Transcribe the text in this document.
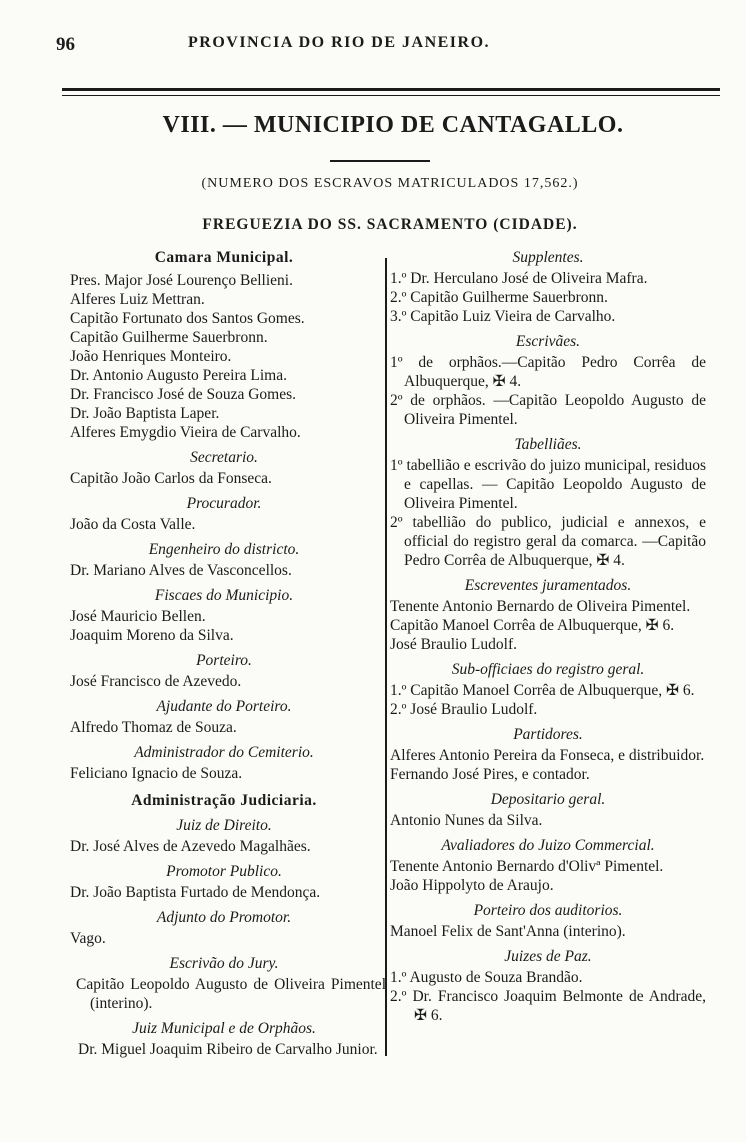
96	PROVINCIA DO RIO DE JANEIRO.
VIII. — MUNICIPIO DE CANTAGALLO.
(NUMERO DOS ESCRAVOS MATRICULADOS 17,562.)
FREGUEZIA DO SS. SACRAMENTO (CIDADE).
Camara Municipal.
Pres. Major José Lourenço Bellieni.
Alferes Luiz Mettran.
Capitão Fortunato dos Santos Gomes.
Capitão Guilherme Sauerbronn.
João Henriques Monteiro.
Dr. Antonio Augusto Pereira Lima.
Dr. Francisco José de Souza Gomes.
Dr. João Baptista Laper.
Alferes Emygdio Vieira de Carvalho.
Secretario.
Capitão João Carlos da Fonseca.
Procurador.
João da Costa Valle.
Engenheiro do districto.
Dr. Mariano Alves de Vasconcellos.
Fiscaes do Municipio.
José Mauricio Bellen.
Joaquim Moreno da Silva.
Porteiro.
José Francisco de Azevedo.
Ajudante do Porteiro.
Alfredo Thomaz de Souza.
Administrador do Cemiterio.
Feliciano Ignacio de Souza.
Administração Judiciaria.
Juiz de Direito.
Dr. José Alves de Azevedo Magalhães.
Promotor Publico.
Dr. João Baptista Furtado de Mendonça.
Adjunto do Promotor.
Vago.
Escrivão do Jury.
Capitão Leopoldo Augusto de Oliveira Pimentel (interino).
Juiz Municipal e de Orphãos.
Dr. Miguel Joaquim Ribeiro de Carvalho Junior.
Supplentes.
1.º Dr. Herculano José de Oliveira Mafra.
2.º Capitão Guilherme Sauerbronn.
3.º Capitão Luiz Vieira de Carvalho.
Escrivães.
1º de orphãos.—Capitão Pedro Corrêa de Albuquerque, ✠ 4.
2º de orphãos. —Capitão Leopoldo Augusto de Oliveira Pimentel.
Tabelliães.
1º tabellião e escrivão do juizo municipal, residuos e capellas. — Capitão Leopoldo Augusto de Oliveira Pimentel.
2º tabellião do publico, judicial e annexos, e official do registro geral da comarca. —Capitão Pedro Corrêa de Albuquerque, ✠ 4.
Escreventes juramentados.
Tenente Antonio Bernardo de Oliveira Pimentel.
Capitão Manoel Corrêa de Albuquerque, ✠ 6.
José Braulio Ludolf.
Sub-officiaes do registro geral.
1.º Capitão Manoel Corrêa de Albuquerque, ✠ 6.
2.º José Braulio Ludolf.
Partidores.
Alferes Antonio Pereira da Fonseca, e distribuidor.
Fernando José Pires, e contador.
Depositario geral.
Antonio Nunes da Silva.
Avaliadores do Juizo Commercial.
Tenente Antonio Bernardo d'Olivª Pimentel.
João Hippolyto de Araujo.
Porteiro dos auditorios.
Manoel Felix de Sant'Anna (interino).
Juizes de Paz.
1.º Augusto de Souza Brandão.
2.º Dr. Francisco Joaquim Belmonte de Andrade, ✠ 6.
